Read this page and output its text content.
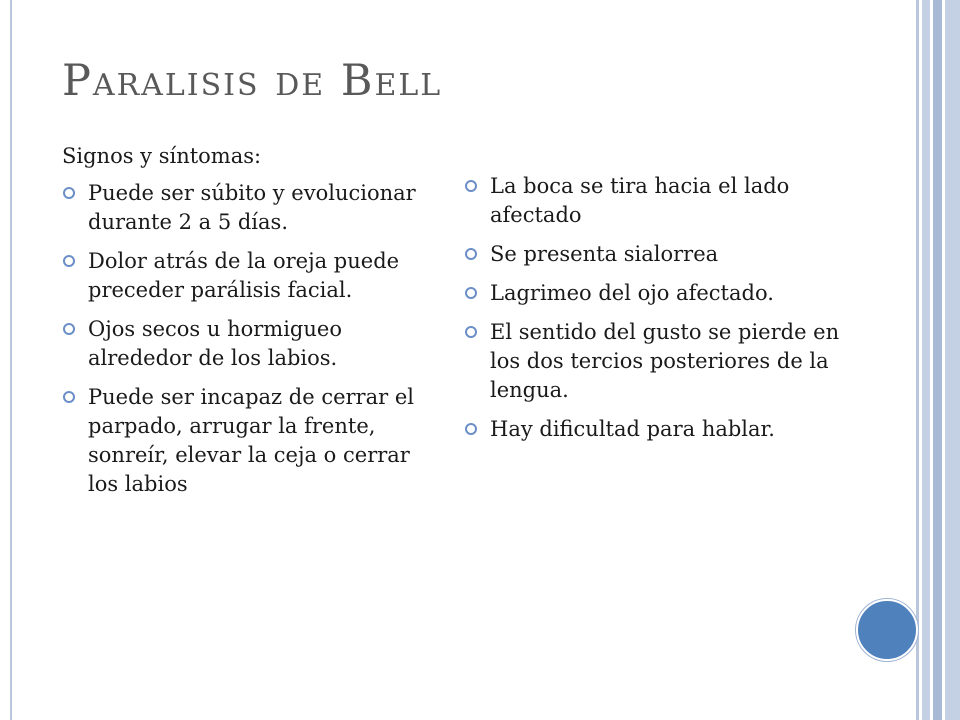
Paralisis de Bell

Signos y síntomas:

Puede ser súbito y evolucionar durante 2 a 5 días.
Dolor atrás de la oreja puede preceder parálisis facial.
Ojos secos u hormigueo alrededor de los labios.
Puede ser incapaz de cerrar el parpado, arrugar la frente, sonreír, elevar la ceja o cerrar los labios
La boca se tira hacia el lado afectado
Se presenta sialorrea
Lagrimeo del ojo afectado.
El sentido del gusto se pierde en los dos tercios posteriores de la lengua.
Hay dificultad para hablar.
